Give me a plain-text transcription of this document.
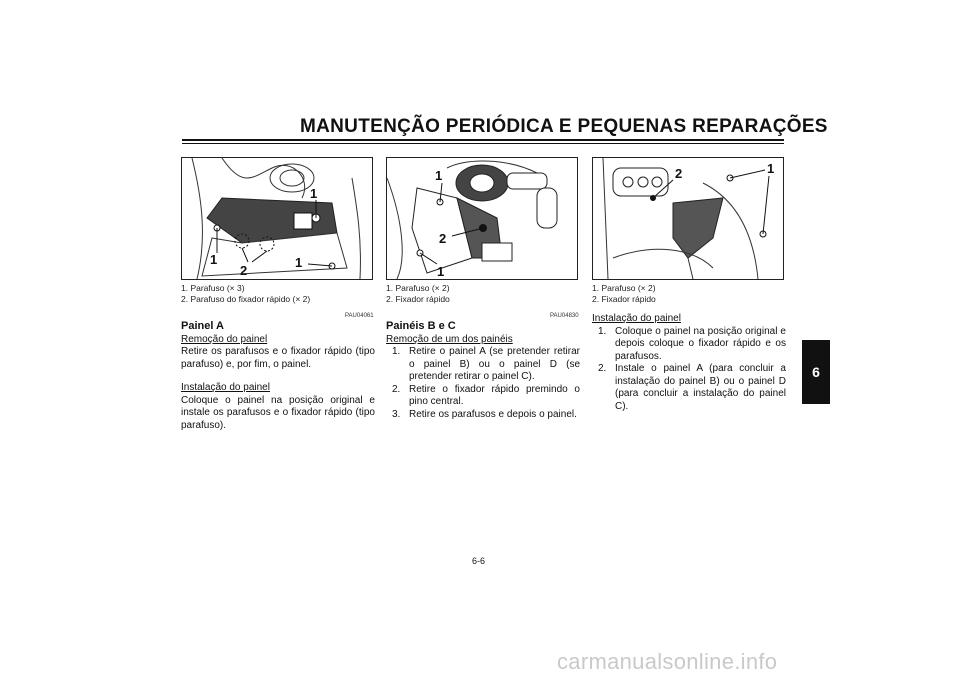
MANUTENÇÃO PERIÓDICA E PEQUENAS REPARAÇÕES
6
1
1
2
1
1. Parafuso (× 3)
2. Parafuso do fixador rápido (× 2)
1
2
1
1. Parafuso (× 2)
2. Fixador rápido
2	1
1. Parafuso (× 2)
2. Fixador rápido
PAU04061
Painel A
Remoção do painel

Retire os parafusos e o fixador rápido (tipo parafuso) e, por fim, o painel.

Instalação do painel

Coloque o painel na posição original e instale os parafusos e o fixador rápido (tipo parafuso).

PAU04830
Painéis B e C
Remoção de um dos painéis
1. Retire o painel A (se pretender retirar o painel B) ou o painel D (se pretender retirar o painel C).
2. Retire o fixador rápido premindo o pino central.
3. Retire os parafusos e depois o painel.
Instalação do painel
1. Coloque o painel na posição original e depois coloque o fixador rápido e os parafusos.
2. Instale o painel A (para concluir a instalação do painel B) ou o painel D (para concluir a instalação do painel C).
6-6
carmanualsonline.info
